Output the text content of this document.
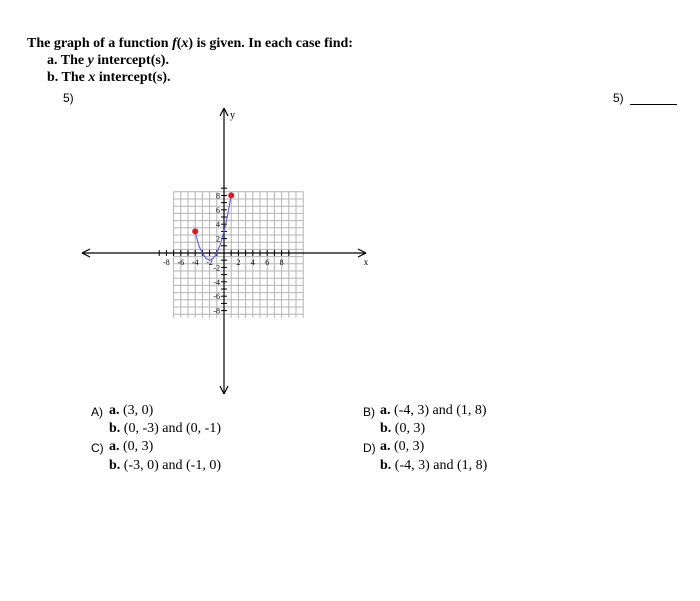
The graph of a function f(x) is given. In each case find:
a. The y intercept(s).
b. The x intercept(s).
5)	5)
-8 -6 -4 -2	2 4 6 8
8
6
4
2
-2
-4
-6
-8
x
y
A) a. (3, 0)
b. (0, -3) and (0, -1)
C) a. (0, 3)
b. (-3, 0) and (-1, 0)
B) a. (-4, 3) and (1, 8)
b. (0, 3)
D) a. (0, 3)
b. (-4, 3) and (1, 8)
